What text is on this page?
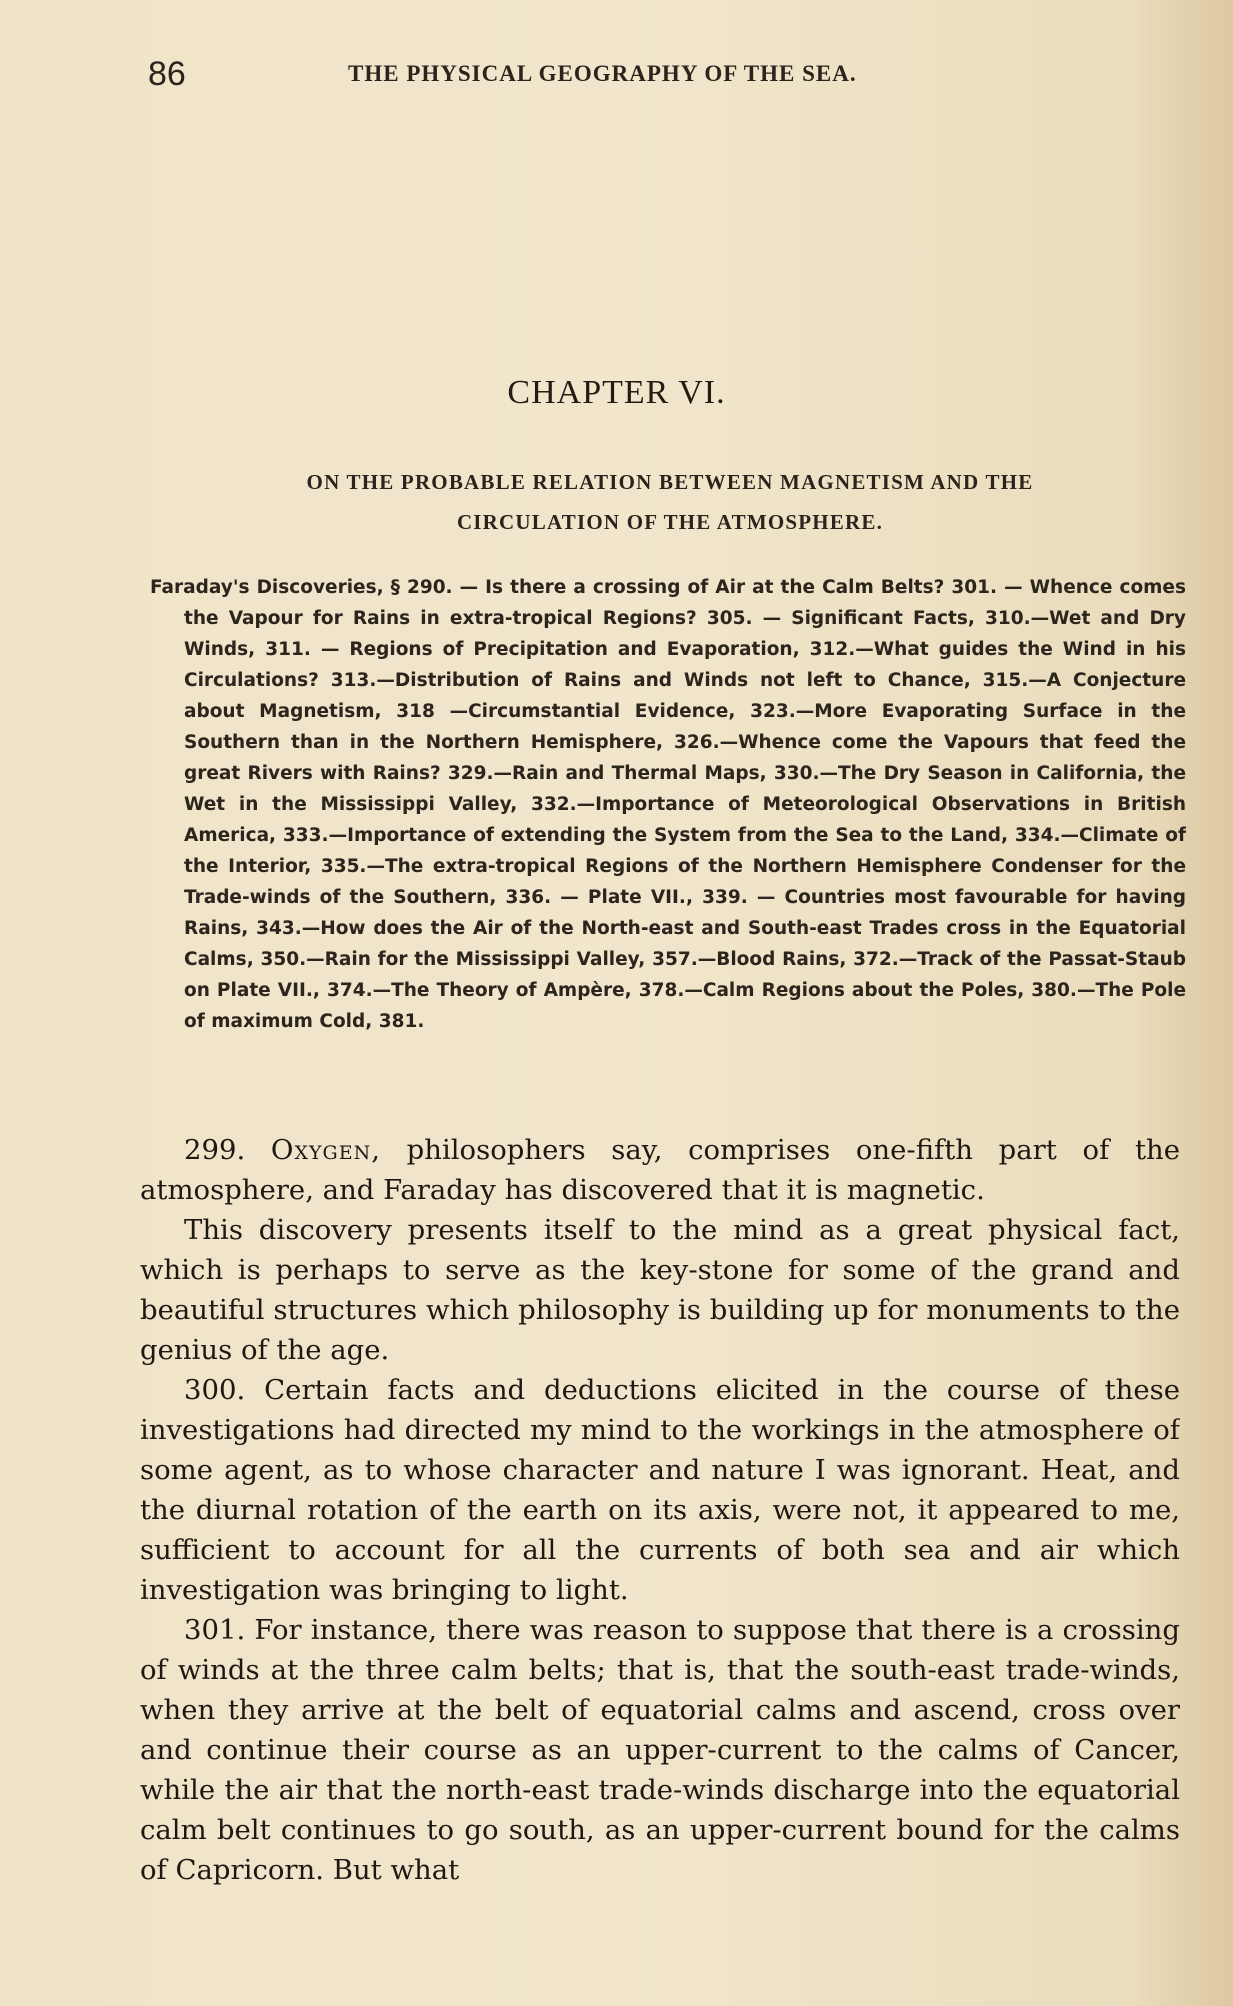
86	THE PHYSICAL GEOGRAPHY OF THE SEA.
CHAPTER VI.
ON THE PROBABLE RELATION BETWEEN MAGNETISM AND THE CIRCULATION OF THE ATMOSPHERE.
Faraday's Discoveries, § 290. — Is there a crossing of Air at the Calm Belts? 301. — Whence comes the Vapour for Rains in extra-tropical Regions? 305. — Significant Facts, 310.—Wet and Dry Winds, 311. — Regions of Precipitation and Evaporation, 312.—What guides the Wind in his Circulations? 313.—Distribution of Rains and Winds not left to Chance, 315.—A Conjecture about Magnetism, 318 —Circumstantial Evidence, 323.—More Evaporating Surface in the Southern than in the Northern Hemisphere, 326.—Whence come the Vapours that feed the great Rivers with Rains? 329.—Rain and Thermal Maps, 330.—The Dry Season in California, the Wet in the Mississippi Valley, 332.—Importance of Meteorological Observations in British America, 333.—Importance of extending the System from the Sea to the Land, 334.—Climate of the Interior, 335.—The extra-tropical Regions of the Northern Hemisphere Condenser for the Trade-winds of the Southern, 336. — Plate VII., 339. — Countries most favourable for having Rains, 343.—How does the Air of the North-east and South-east Trades cross in the Equatorial Calms, 350.—Rain for the Mississippi Valley, 357.—Blood Rains, 372.—Track of the Passat-Staub on Plate VII., 374.—The Theory of Ampère, 378.—Calm Regions about the Poles, 380.—The Pole of maximum Cold, 381.

299. Oxygen, philosophers say, comprises one-fifth part of the atmosphere, and Faraday has discovered that it is magnetic.

This discovery presents itself to the mind as a great physical fact, which is perhaps to serve as the key-stone for some of the grand and beautiful structures which philosophy is building up for monuments to the genius of the age.

300. Certain facts and deductions elicited in the course of these investigations had directed my mind to the workings in the atmosphere of some agent, as to whose character and nature I was ignorant. Heat, and the diurnal rotation of the earth on its axis, were not, it appeared to me, sufficient to account for all the currents of both sea and air which investigation was bringing to light.

301. For instance, there was reason to suppose that there is a crossing of winds at the three calm belts; that is, that the south-east trade-winds, when they arrive at the belt of equatorial calms and ascend, cross over and continue their course as an upper-current to the calms of Cancer, while the air that the north-east trade-winds discharge into the equatorial calm belt continues to go south, as an upper-current bound for the calms of Capricorn. But what
